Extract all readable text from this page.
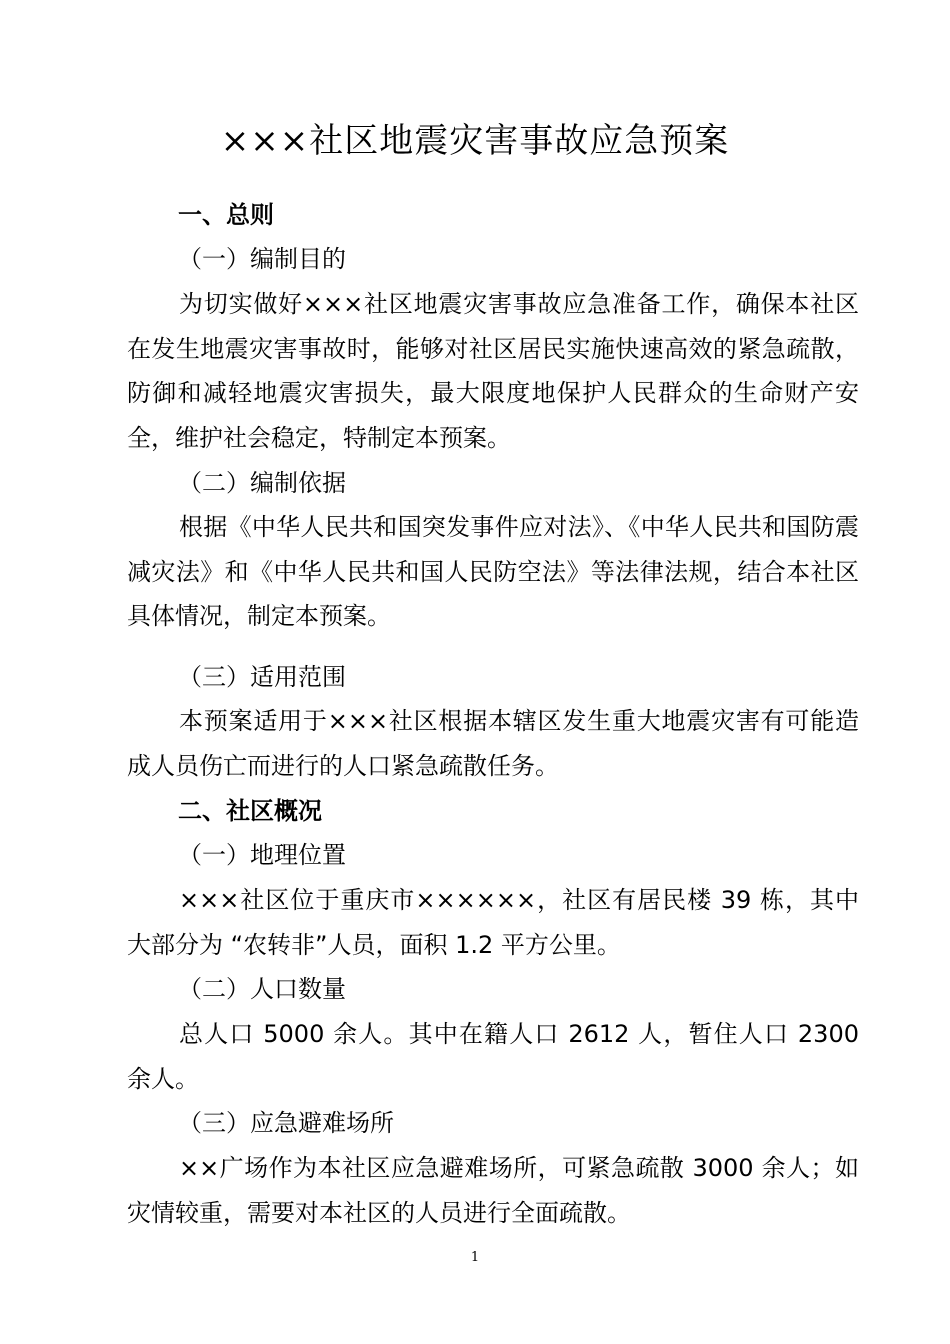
×××社区地震灾害事故应急预案
一、总则
（一）编制目的
为切实做好×××社区地震灾害事故应急准备工作，确保本社区在发生地震灾害事故时，能够对社区居民实施快速高效的紧急疏散，防御和减轻地震灾害损失，最大限度地保护人民群众的生命财产安全，维护社会稳定，特制定本预案。
（二）编制依据
根据《中华人民共和国突发事件应对法》、《中华人民共和国防震减灾法》和《中华人民共和国人民防空法》等法律法规，结合本社区具体情况，制定本预案。
（三）适用范围
本预案适用于×××社区根据本辖区发生重大地震灾害有可能造成人员伤亡而进行的人口紧急疏散任务。
二、社区概况
（一）地理位置
×××社区位于重庆市××××××，社区有居民楼 39 栋，其中大部分为 “农转非”人员，面积 1.2 平方公里。
（二）人口数量
总人口 5000 余人。其中在籍人口 2612 人，暂住人口 2300 余人。
（三）应急避难场所
××广场作为本社区应急避难场所，可紧急疏散 3000 余人；如灾情较重，需要对本社区的人员进行全面疏散。
1
